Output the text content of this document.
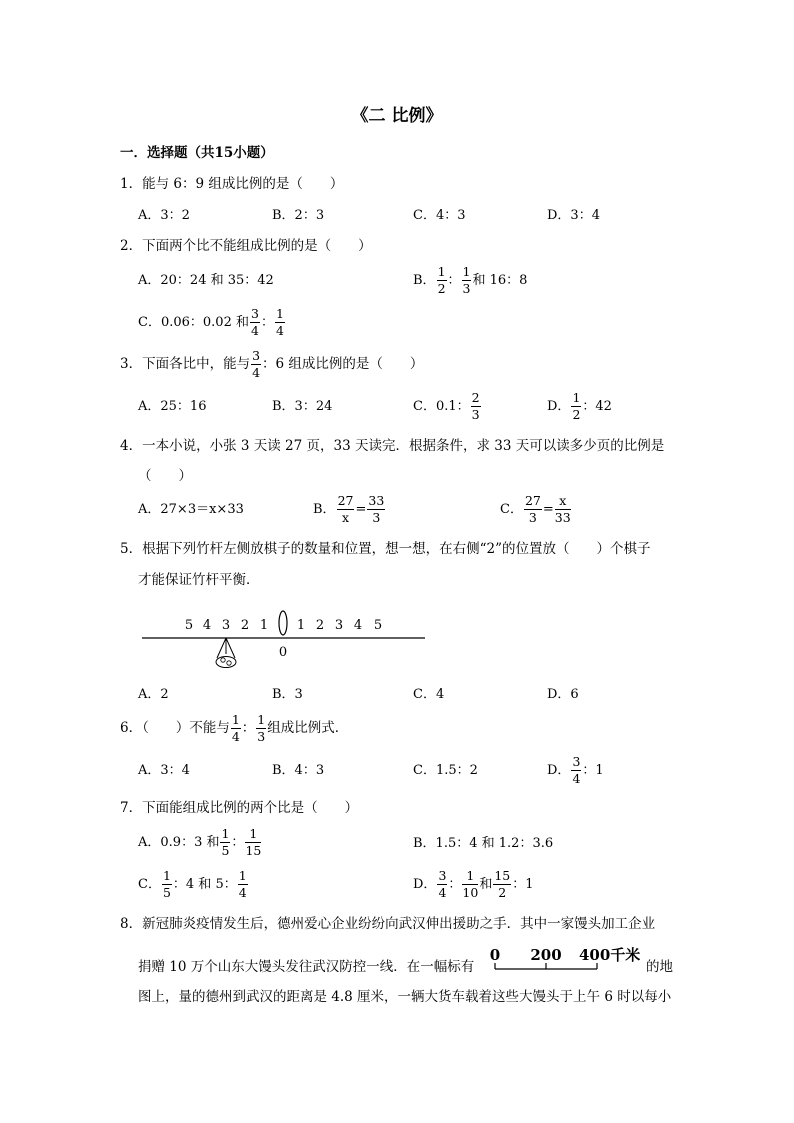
《二 比例》
一．选择题（共15小题）
1．能与 6：9 组成比例的是（　　）
A．3：2	B．2：3	C．4：3	D．3：4
2．下面两个比不能组成比例的是（　　）
A．20：24 和 35：42	B． $\frac{1}{2}$ ： $\frac{1}{3}$ 和 16：8
C．0.06：0.02 和 $\frac{3}{4}$ ： $\frac{1}{4}$
3．下面各比中，能与 $\frac{3}{4}$ ：6 组成比例的是（　　）
A．25：16	B．3：24	C．0.1： $\frac{2}{3}$	D． $\frac{1}{2}$ ：42
4．一本小说，小张 3 天读 27 页，33 天读完．根据条件，求 33 天可以读多少页的比例是
（　　）
A．27×3＝x×33	B． $\frac{27}{x} = \frac{33}{3}$	C． $\frac{27}{3} = \frac{x}{33}$
5．根据下列竹杆左侧放棋子的数量和位置，想一想，在右侧“2”的位置放（　　）个棋子
才能保证竹杆平衡．
5 4 3 2 1 1 2 3 4 5
0
A．2	B．3	C．4	D．6
6．（　　）不能与 $\frac{1}{4}$ ： $\frac{1}{3}$ 组成比例式．
A．3：4	B．4：3	C．1.5：2	D． $\frac{3}{4}$ ：1
7．下面能组成比例的两个比是（　　）
A．0.9：3 和 $\frac{1}{5}$ ： $\frac{1}{15}$	B．1.5：4 和 1.2：3.6
C． $\frac{1}{5}$ ：4 和 5： $\frac{1}{4}$	D． $\frac{3}{4}$ ： $\frac{1}{10}$ 和 $\frac{15}{2}$ ：1
8．新冠肺炎疫情发生后，德州爱心企业纷纷向武汉伸出援助之手．其中一家馒头加工企业
捐赠 10 万个山东大馒头发往武汉防控一线．在一幅标有
0 200 400千米
的地
图上，量的德州到武汉的距离是 4.8 厘米，一辆大货车载着这些大馒头于上午 6 时以每小
